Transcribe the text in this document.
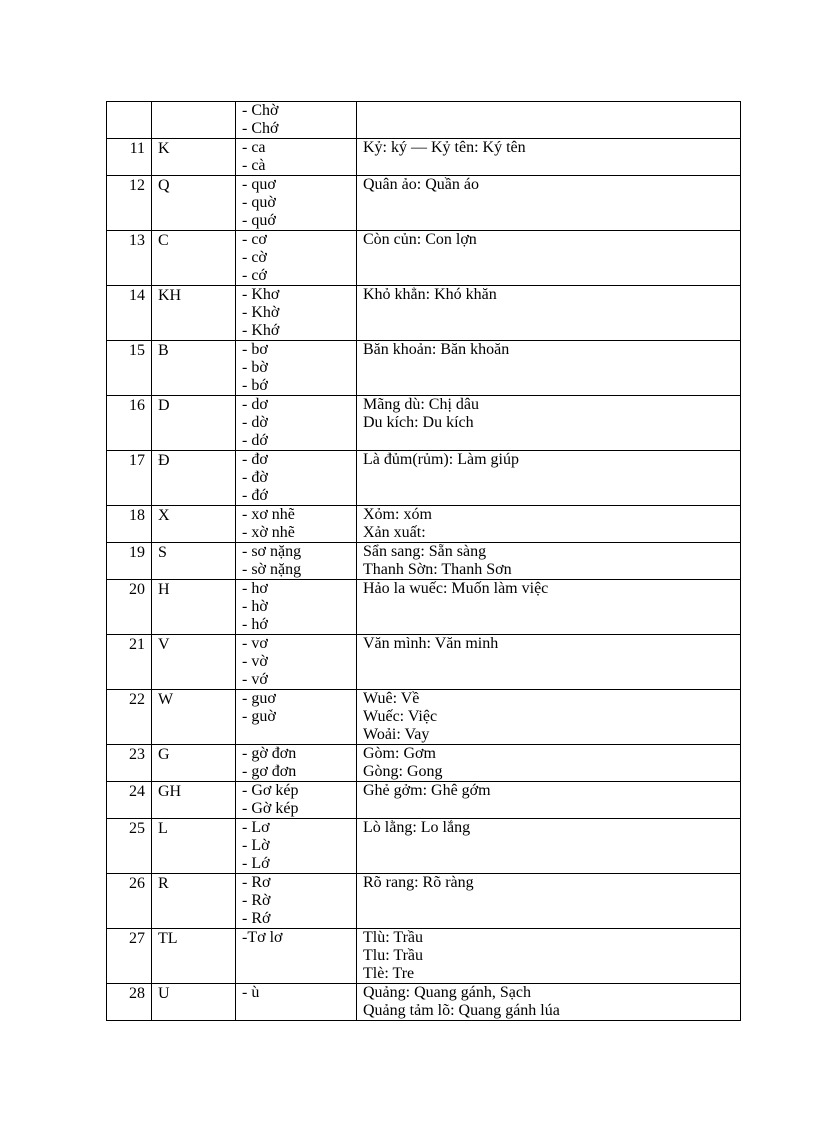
		- Chờ
- Chớ	

11	K	- ca
- cà	Kỷ: ký — Kỷ tên: Ký tên

12	Q	- quơ
- quờ
- quớ	Quân ảo: Quần áo

13	C	- cơ
- cờ
- cớ	Còn củn: Con lợn

14	KH	- Khơ
- Khờ
- Khớ	Khỏ khẳn: Khó khăn

15	B	- bơ
- bờ
- bớ	Băn khoản: Băn khoăn

16	D	- dơ
- dờ
- dớ	Mãng dù: Chị dâu
Du kích: Du kích

17	Đ	- đơ
- đờ
- đớ	Là đủm(rủm): Làm giúp

18	X	- xơ nhẽ
- xờ nhẽ	Xỏm: xóm
Xản xuất:

19	S	- sơ nặng
- sờ nặng	Sẩn sang: Sẵn sàng
Thanh Sờn: Thanh Sơn

20	H	- hơ
- hờ
- hớ	Hảo la wuếc: Muốn làm việc

21	V	- vơ
- vờ
- vớ	Văn mình: Văn minh

22	W	- guơ
- guờ	Wuê: Về
Wuếc: Việc
Woải: Vay

23	G	- gờ đơn
- gơ đơn	Gòm: Gơm
Gòng: Gong

24	GH	- Gơ kép
- Gờ kép	Ghẻ gởm: Ghê gớm

25	L	- Lơ
- Lờ
- Lớ	Lò lằng: Lo lắng

26	R	- Rơ
- Rờ
- Rớ	Rõ rang: Rõ ràng

27	TL	-Tơ lơ	Tlù: Trầu
Tlu: Trầu
Tlè: Tre

28	U	- ù	Quảng: Quang gánh, Sạch
Quảng tảm lõ: Quang gánh lúa
